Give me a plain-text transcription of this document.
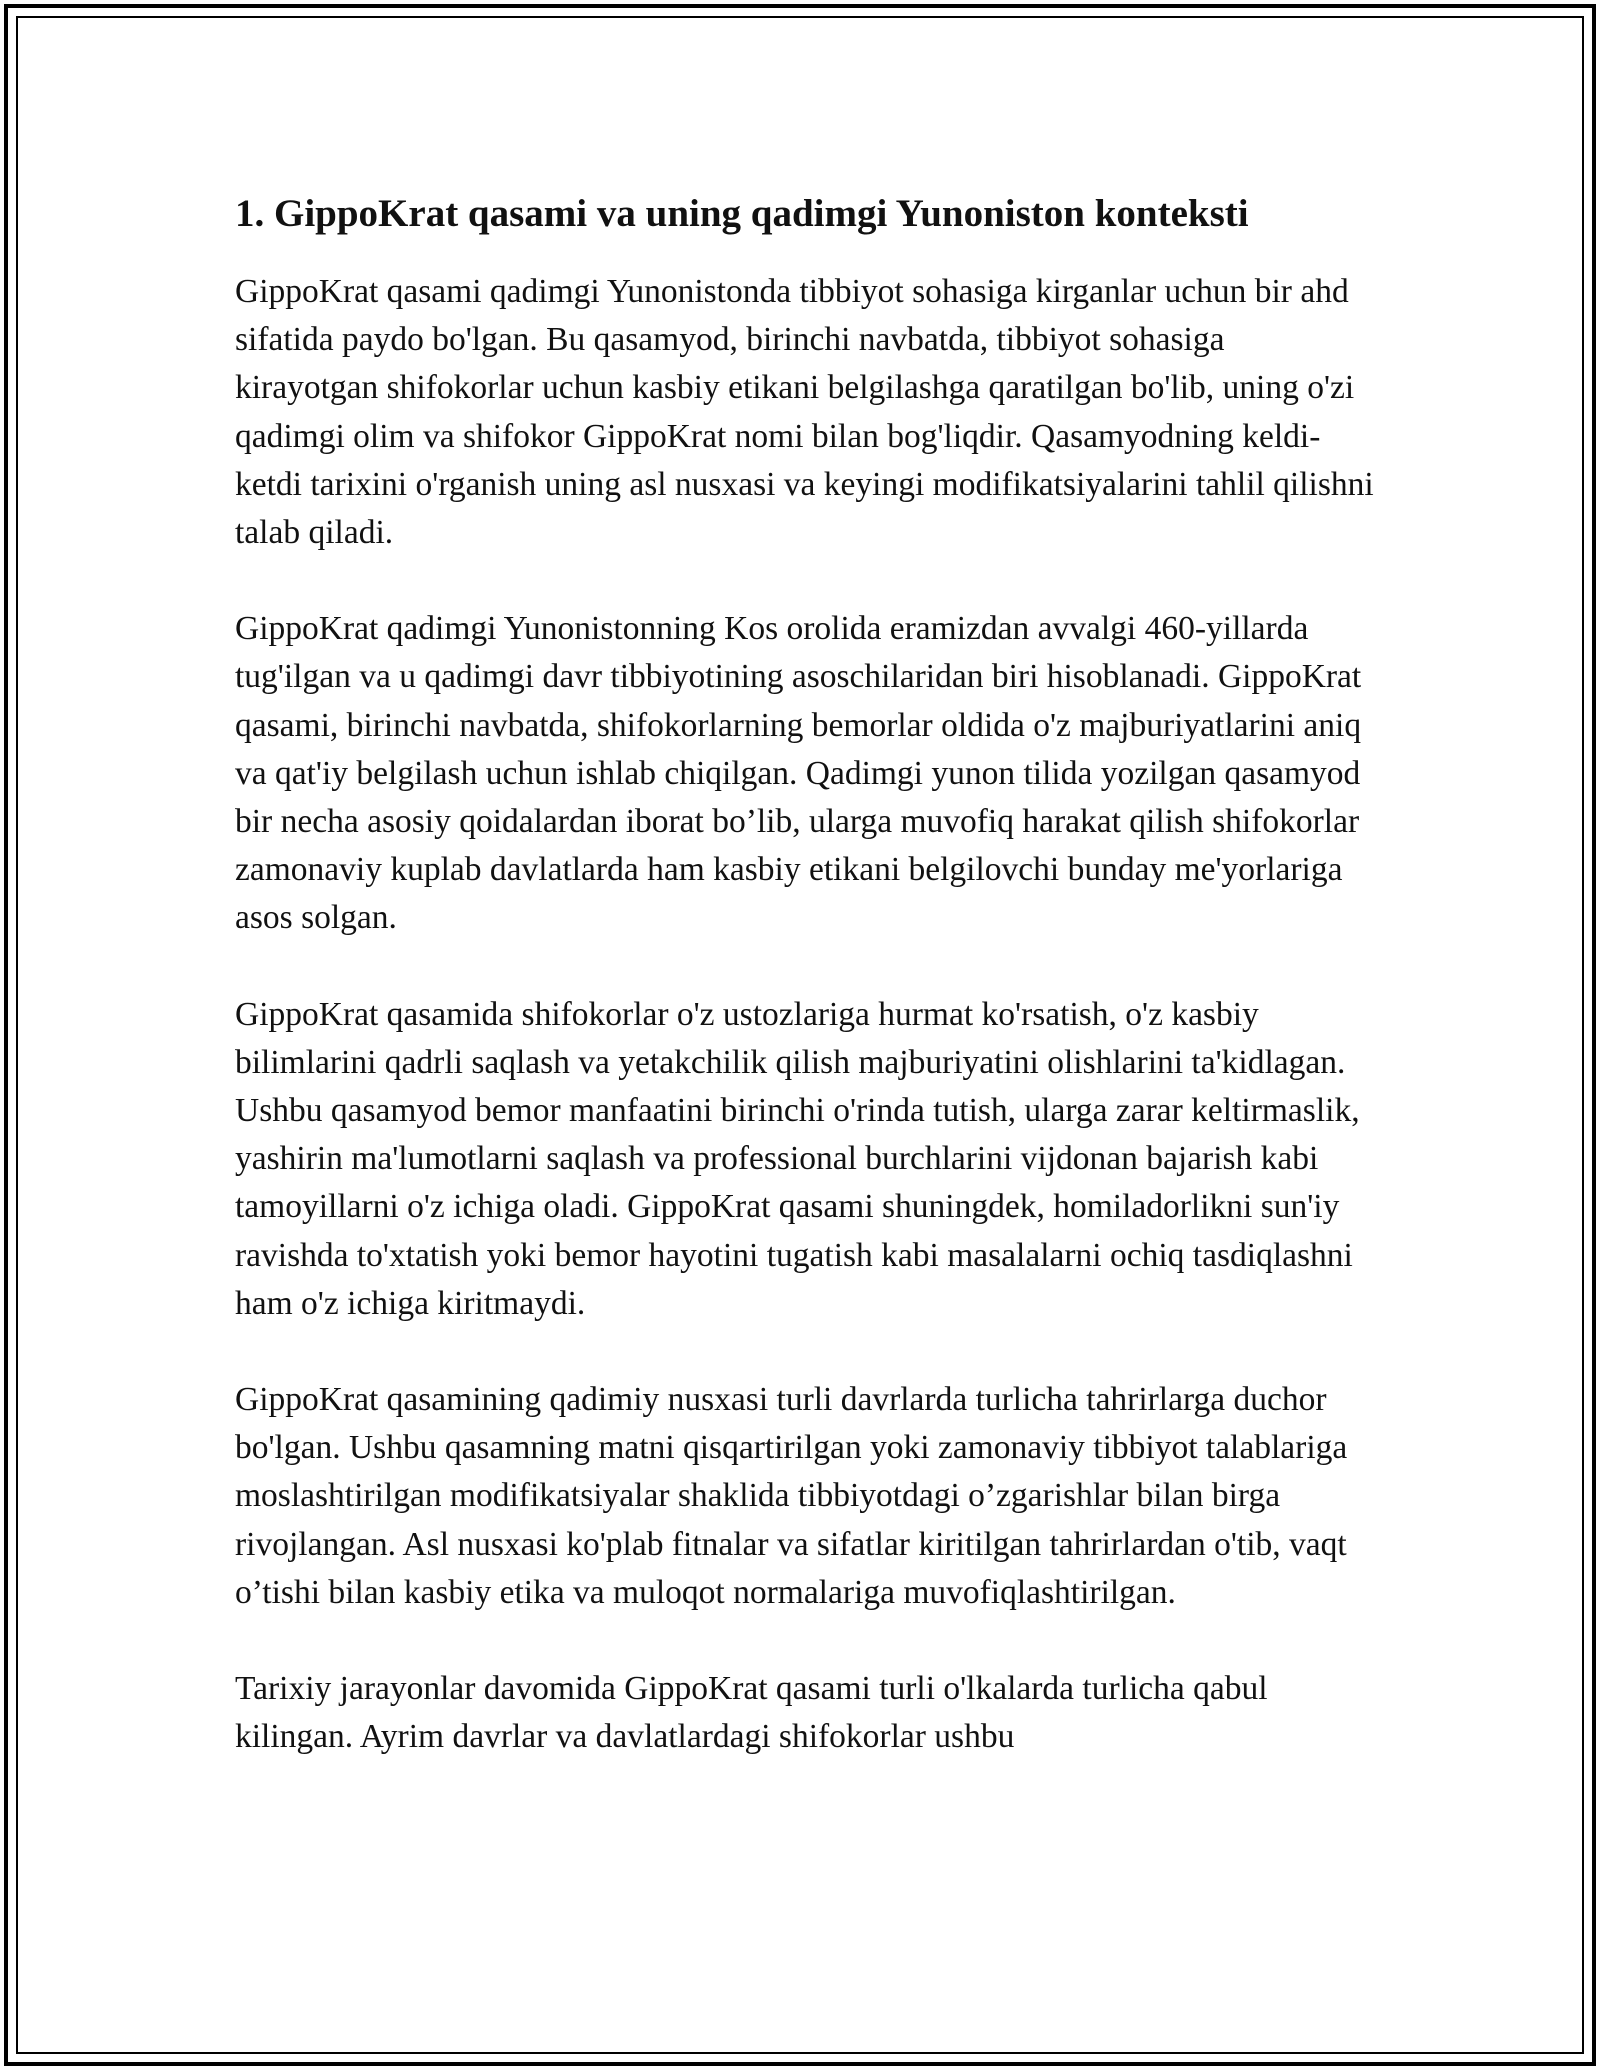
1. GippoKrat qasami va uning qadimgi Yunoniston konteksti

GippoKrat qasami qadimgi Yunonistonda tibbiyot sohasiga kirganlar uchun bir ahd sifatida paydo bo'lgan. Bu qasamyod, birinchi navbatda, tibbiyot sohasiga kirayotgan shifokorlar uchun kasbiy etikani belgilashga qaratilgan bo'lib, uning o'zi qadimgi olim va shifokor GippoKrat nomi bilan bog'liqdir. Qasamyodning keldi-ketdi tarixini o'rganish uning asl nusxasi va keyingi modifikatsiyalarini tahlil qilishni talab qiladi.

GippoKrat qadimgi Yunonistonning Kos orolida eramizdan avvalgi 460-yillarda tug'ilgan va u qadimgi davr tibbiyotining asoschilaridan biri hisoblanadi. GippoKrat qasami, birinchi navbatda, shifokorlarning bemorlar oldida o'z majburiyatlarini aniq va qat'iy belgilash uchun ishlab chiqilgan. Qadimgi yunon tilida yozilgan qasamyod bir necha asosiy qoidalardan iborat bo’lib, ularga muvofiq harakat qilish shifokorlar zamonaviy kuplab davlatlarda ham kasbiy etikani belgilovchi bunday me'yorlariga asos solgan.

GippoKrat qasamida shifokorlar o'z ustozlariga hurmat ko'rsatish, o'z kasbiy bilimlarini qadrli saqlash va yetakchilik qilish majburiyatini olishlarini ta'kidlagan. Ushbu qasamyod bemor manfaatini birinchi o'rinda tutish, ularga zarar keltirmaslik, yashirin ma'lumotlarni saqlash va professional burchlarini vijdonan bajarish kabi tamoyillarni o'z ichiga oladi. GippoKrat qasami shuningdek, homiladorlikni sun'iy ravishda to'xtatish yoki bemor hayotini tugatish kabi masalalarni ochiq tasdiqlashni ham o'z ichiga kiritmaydi.

GippoKrat qasamining qadimiy nusxasi turli davrlarda turlicha tahrirlarga duchor bo'lgan. Ushbu qasamning matni qisqartirilgan yoki zamonaviy tibbiyot talablariga moslashtirilgan modifikatsiyalar shaklida tibbiyotdagi o’zgarishlar bilan birga rivojlangan. Asl nusxasi ko'plab fitnalar va sifatlar kiritilgan tahrirlardan o'tib, vaqt o’tishi bilan kasbiy etika va muloqot normalariga muvofiqlashtirilgan.

Tarixiy jarayonlar davomida GippoKrat qasami turli o'lkalarda turlicha qabul kilingan. Ayrim davrlar va davlatlardagi shifokorlar ushbu
